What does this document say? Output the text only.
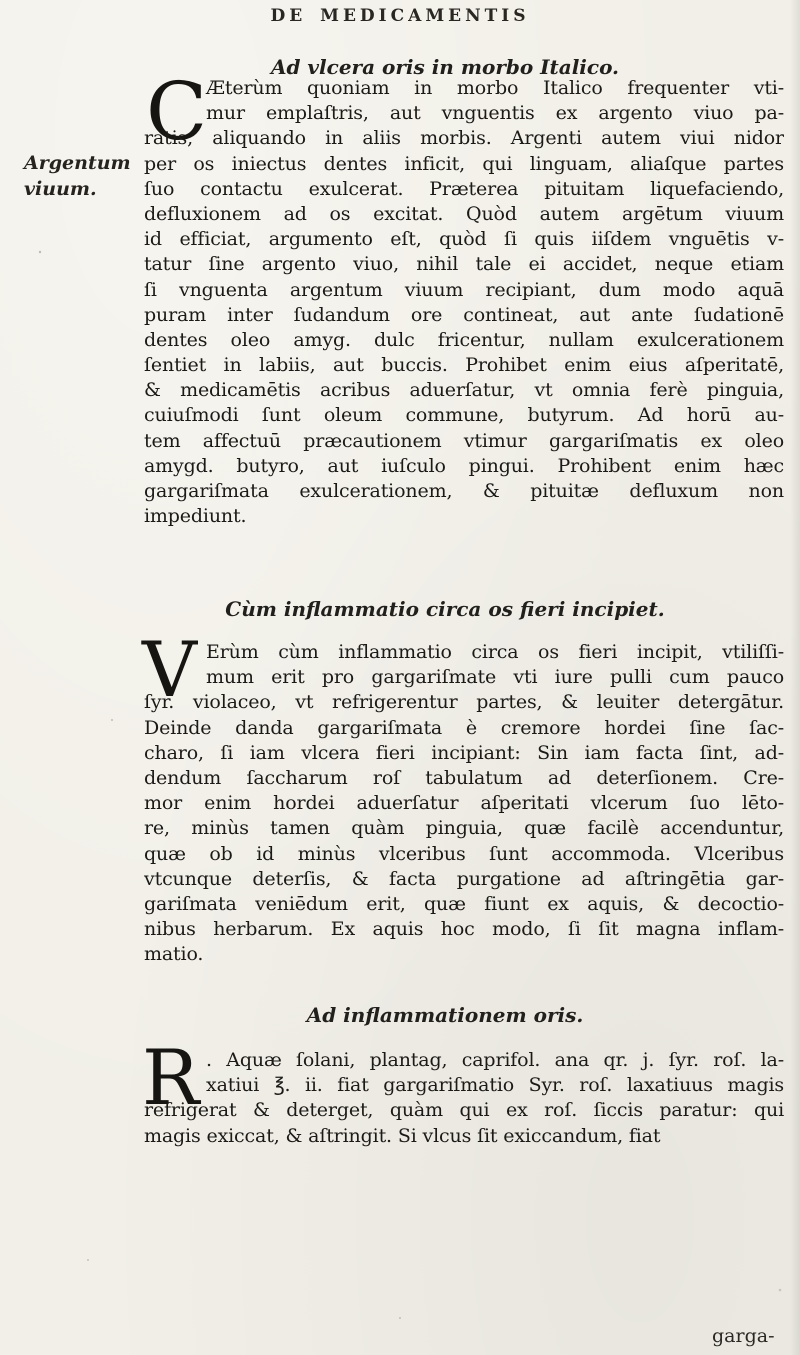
DE MEDICAMENTIS
Ad vlcera oris in morbo Italico.
C
Æterùm quoniam in morbo Italico frequenter vti-
mur emplaſtris, aut vnguentis ex argento viuo pa-
ratis, aliquando in aliis morbis. Argenti autem viui nidor
per os iniectus dentes inficit, qui linguam, aliaſque partes
ſuo contactu exulcerat. Præterea pituitam liquefaciendo,
defluxionem ad os excitat. Quòd autem argētum viuum
id efficiat, argumento eſt, quòd ſi quis iiſdem vnguētis v-
tatur ſine argento viuo, nihil tale ei accidet, neque etiam
ſi vnguenta argentum viuum recipiant, dum modo aquā
puram inter ſudandum ore contineat, aut ante ſudationē
dentes oleo amyg. dulc fricentur, nullam exulcerationem
ſentiet in labiis, aut buccis. Prohibet enim eius aſperitatē,
& medicamētis acribus aduerſatur, vt omnia ferè pinguia,
cuiuſmodi ſunt oleum commune, butyrum. Ad horū au-
tem affectuū præcautionem vtimur gargariſmatis ex oleo
amygd. butyro, aut iuſculo pingui. Prohibent enim hæc
gargariſmata exulcerationem, & pituitæ defluxum non
impediunt.
Argentum
viuum.
Cùm inflammatio circa os fieri incipiet.
V Erùm cùm inflammatio circa os fieri incipit, vtiliſſi-
mum erit pro gargariſmate vti iure pulli cum pauco
ſyr. violaceo, vt refrigerentur partes, & leuiter detergātur.
Deinde danda gargariſmata è cremore hordei ſine ſac-
charo, ſi iam vlcera fieri incipiant: Sin iam facta ſint, ad-
dendum ſaccharum roſ tabulatum ad deterſionem. Cre-
mor enim hordei aduerſatur aſperitati vlcerum ſuo lēto-
re, minùs tamen quàm pinguia, quæ facilè accenduntur,
quæ ob id minùs vlceribus ſunt accommoda. Vlceribus
vtcunque deterſis, & facta purgatione ad aſtringētia gar-
gariſmata veniēdum erit, quæ fiunt ex aquis, & decoctio-
nibus herbarum. Ex aquis hoc modo, ſi ſit magna inflam-
matio.
Ad inflammationem oris.
R . Aquæ ſolani, plantag, caprifol. ana qr. j. ſyr. roſ. la-
xatiui ℥. ii. fiat gargariſmatio Syr. roſ. laxatiuus magis
refrigerat & deterget, quàm qui ex roſ. ſiccis paratur: qui
magis exiccat, & aſtringit. Si vlcus ſit exiccandum, fiat
garga-
